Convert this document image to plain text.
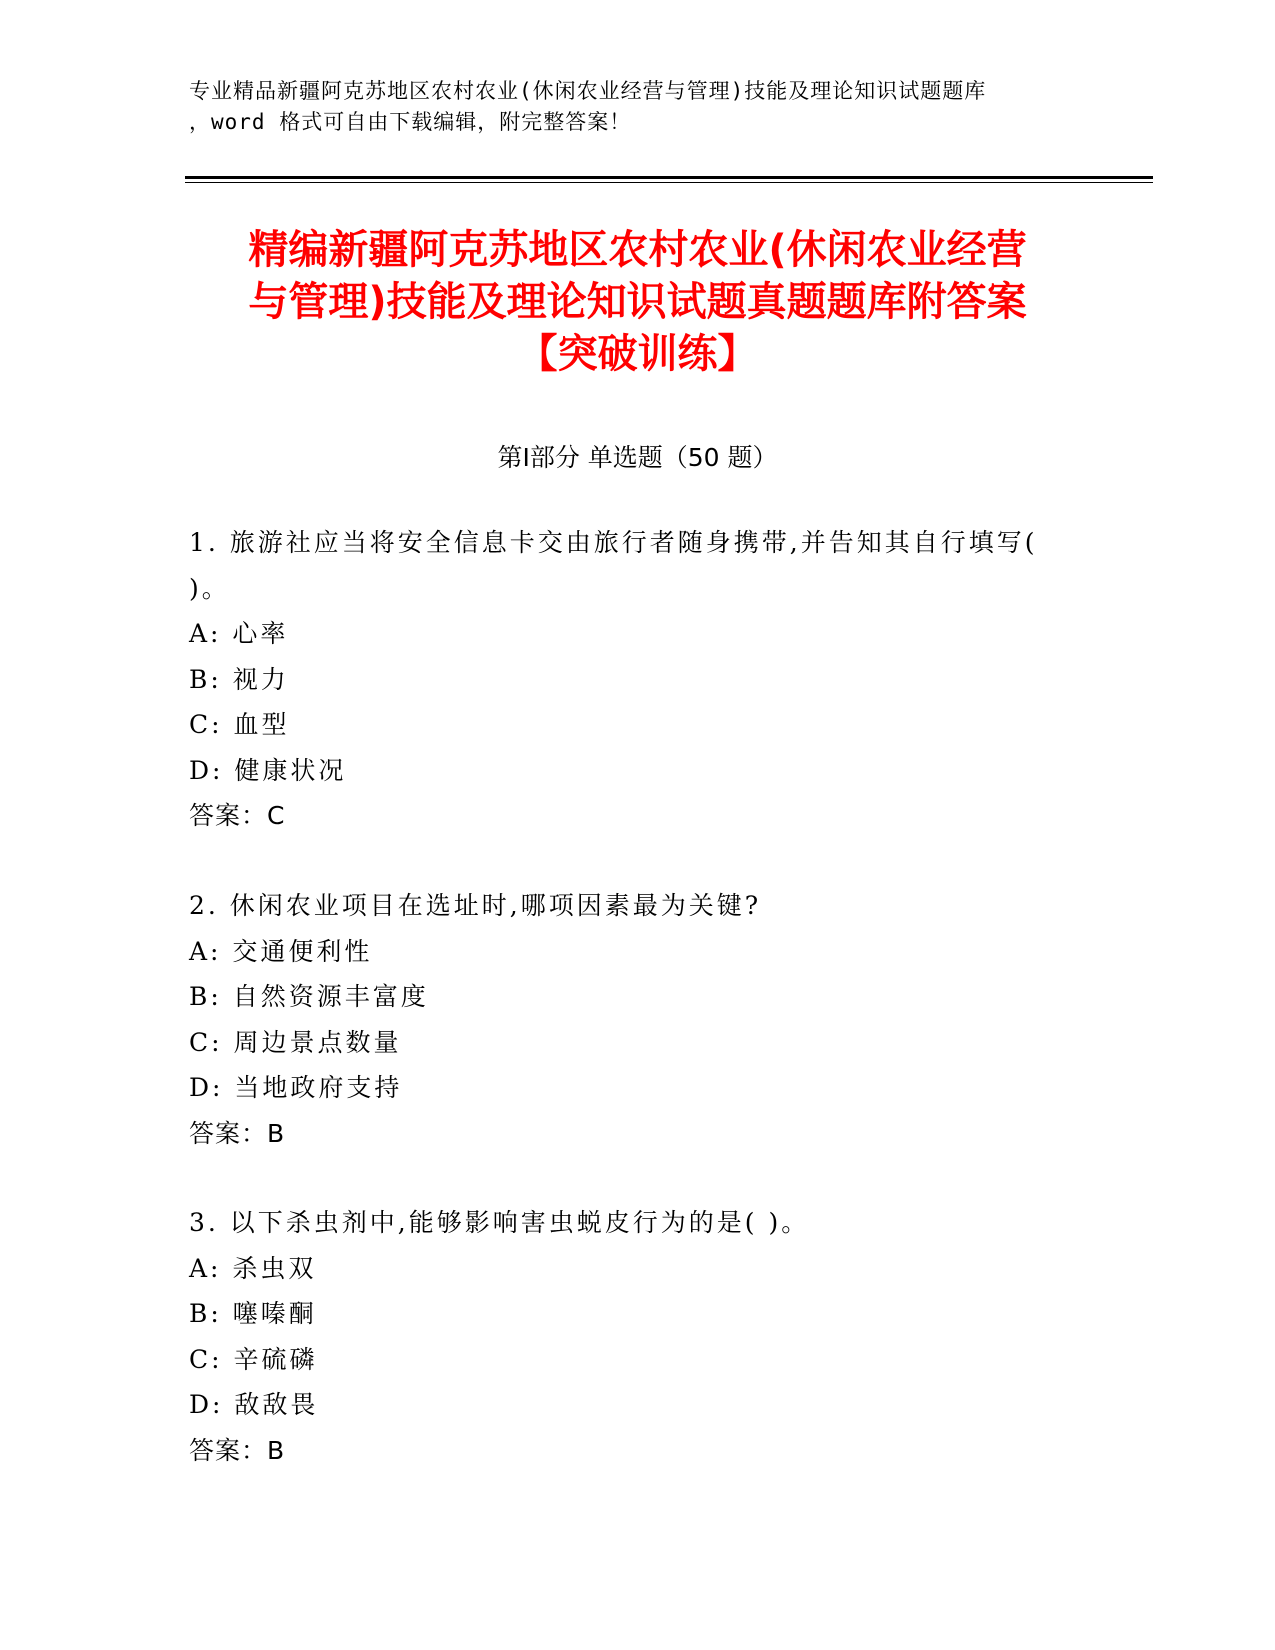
专业精品新疆阿克苏地区农村农业(休闲农业经营与管理)技能及理论知识试题题库
，word 格式可自由下载编辑，附完整答案！
精编新疆阿克苏地区农村农业(休闲农业经营
与管理)技能及理论知识试题真题题库附答案
【突破训练】
第Ⅰ部分 单选题（50 题）
1. 旅游社应当将安全信息卡交由旅行者随身携带,并告知其自行填写(
)。
A: 心率
B: 视力
C: 血型
D: 健康状况
答案：C
2. 休闲农业项目在选址时,哪项因素最为关键?
A: 交通便利性
B: 自然资源丰富度
C: 周边景点数量
D: 当地政府支持
答案：B
3. 以下杀虫剂中,能够影响害虫蜕皮行为的是( )。
A: 杀虫双
B: 噻嗪酮
C: 辛硫磷
D: 敌敌畏
答案：B
